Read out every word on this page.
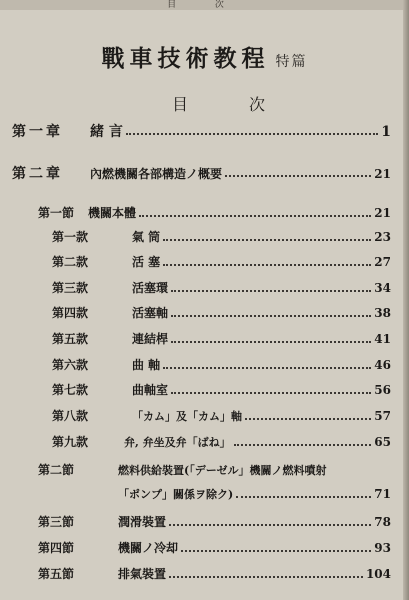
目 次
戰車技術教程 特篇
目 次
第一章	緒 言	1
第二章	內燃機關各部構造ノ概要	21
第一節	機關本體	21
第一款	氣 筒	23
第二款	活 塞	27
第三款	活塞環	34
第四款	活塞軸	38
第五款	連結桿	41
第六款	曲 軸	46
第七款	曲軸室	56
第八款	「カム」及「カム」軸	57
第九款	弁, 弁坐及弁「ばね」	65
第二節	燃料供給裝置(「デーゼル」機關ノ燃料噴射
「ポンプ」關係ヲ除ク)	71
第三節	潤滑裝置	78
第四節	機關ノ冷却	93
第五節	排氣裝置	104
